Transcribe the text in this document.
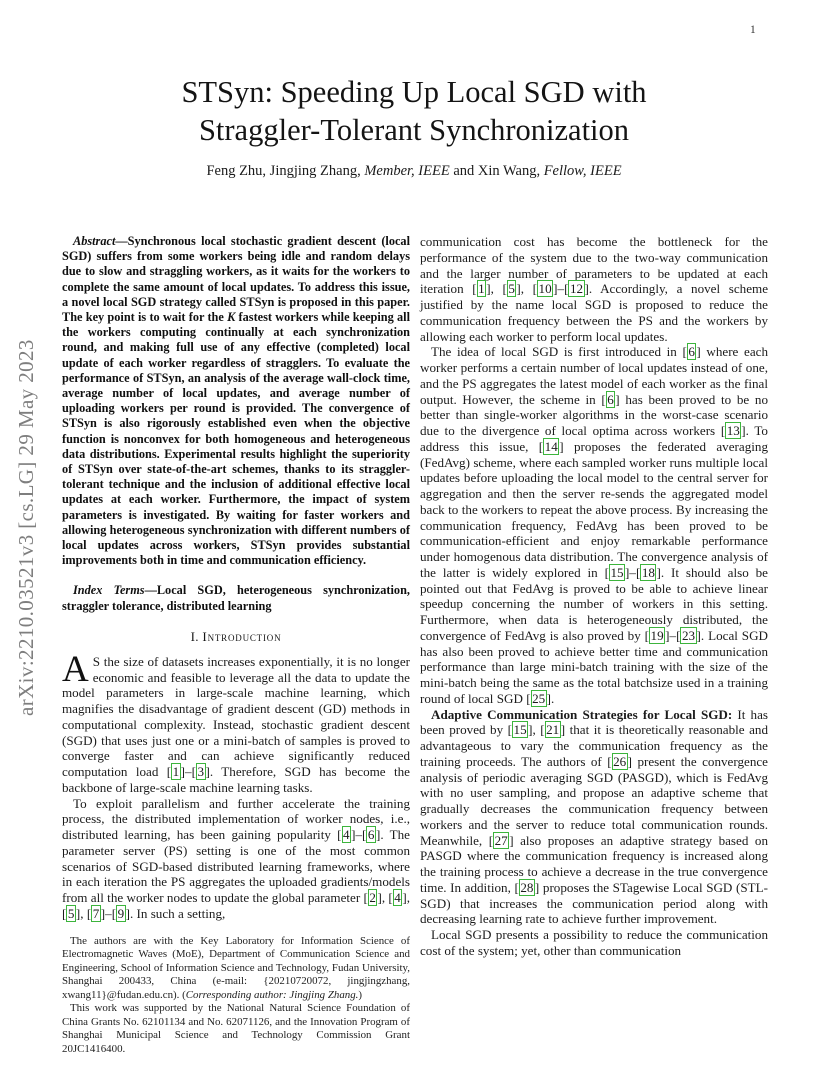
1
arXiv:2210.03521v3 [cs.LG] 29 May 2023
STSyn: Speeding Up Local SGD with
Straggler-Tolerant Synchronization
Feng Zhu, Jingjing Zhang, Member, IEEE and Xin Wang, Fellow, IEEE

Abstract—Synchronous local stochastic gradient descent (local SGD) suffers from some workers being idle and random delays due to slow and straggling workers, as it waits for the workers to complete the same amount of local updates. To address this issue, a novel local SGD strategy called STSyn is proposed in this paper. The key point is to wait for the K fastest workers while keeping all the workers computing continually at each synchronization round, and making full use of any effective (completed) local update of each worker regardless of stragglers. To evaluate the performance of STSyn, an analysis of the average wall-clock time, average number of local updates, and average number of uploading workers per round is provided. The convergence of STSyn is also rigorously established even when the objective function is nonconvex for both homogeneous and heterogeneous data distributions. Experimental results highlight the superiority of STSyn over state-of-the-art schemes, thanks to its straggler-tolerant technique and the inclusion of additional effective local updates at each worker. Furthermore, the impact of system parameters is investigated. By waiting for faster workers and allowing heterogeneous synchronization with different numbers of local updates across workers, STSyn provides substantial improvements both in time and communication efficiency.

Index Terms—Local SGD, heterogeneous synchronization, straggler tolerance, distributed learning

I. Introduction

A S the size of datasets increases exponentially, it is no longer economic and feasible to leverage all the data to update the model parameters in large-scale machine learning, which magnifies the disadvantage of gradient descent (GD) methods in computational complexity. Instead, stochastic gradient descent (SGD) that uses just one or a mini-batch of samples is proved to converge faster and can achieve significantly reduced computation load [ 1 ]–[ 3 ]. Therefore, SGD has become the backbone of large-scale machine learning tasks.

To exploit parallelism and further accelerate the training process, the distributed implementation of worker nodes, i.e., distributed learning, has been gaining popularity [ 4 ]–[ 6 ]. The parameter server (PS) setting is one of the most common scenarios of SGD-based distributed learning frameworks, where in each iteration the PS aggregates the uploaded gradients/models from all the worker nodes to update the global parameter [ 2 ], [ 4 ], [ 5 ], [ 7 ]–[ 9 ]. In such a setting,

The authors are with the Key Laboratory for Information Science of Electromagnetic Waves (MoE), Department of Communication Science and Engineering, School of Information Science and Technology, Fudan University, Shanghai 200433, China (e-mail: {20210720072, jingjingzhang, xwang11}@fudan.edu.cn). (Corresponding author: Jingjing Zhang.)

This work was supported by the National Natural Science Foundation of China Grants No. 62101134 and No. 62071126, and the Innovation Program of Shanghai Municipal Science and Technology Commission Grant 20JC1416400.

communication cost has become the bottleneck for the performance of the system due to the two-way communication and the larger number of parameters to be updated at each iteration [ 1 ], [ 5 ], [ 10 ]–[ 12 ]. Accordingly, a novel scheme justified by the name local SGD is proposed to reduce the communication frequency between the PS and the workers by allowing each worker to perform local updates.

The idea of local SGD is first introduced in [ 6 ] where each worker performs a certain number of local updates instead of one, and the PS aggregates the latest model of each worker as the final output. However, the scheme in [ 6 ] has been proved to be no better than single-worker algorithms in the worst-case scenario due to the divergence of local optima across workers [ 13 ]. To address this issue, [ 14 ] proposes the federated averaging (FedAvg) scheme, where each sampled worker runs multiple local updates before uploading the local model to the central server for aggregation and then the server re-sends the aggregated model back to the workers to repeat the above process. By increasing the communication frequency, FedAvg has been proved to be communication-efficient and enjoy remarkable performance under homogenous data distribution. The convergence analysis of the latter is widely explored in [ 15 ]–[ 18 ]. It should also be pointed out that FedAvg is proved to be able to achieve linear speedup concerning the number of workers in this setting. Furthermore, when data is heterogeneously distributed, the convergence of FedAvg is also proved by [ 19 ]–[ 23 ]. Local SGD has also been proved to achieve better time and communication performance than large mini-batch training with the size of the mini-batch being the same as the total batchsize used in a training round of local SGD [ 25 ].

Adaptive Communication Strategies for Local SGD: It has been proved by [ 15 ], [ 21 ] that it is theoretically reasonable and advantageous to vary the communication frequency as the training proceeds. The authors of [ 26 ] present the convergence analysis of periodic averaging SGD (PASGD), which is FedAvg with no user sampling, and propose an adaptive scheme that gradually decreases the communication frequency between workers and the server to reduce total communication rounds. Meanwhile, [ 27 ] also proposes an adaptive strategy based on PASGD where the communication frequency is increased along the training process to achieve a decrease in the true convergence time. In addition, [ 28 ] proposes the STagewise Local SGD (STL-SGD) that increases the communication period along with decreasing learning rate to achieve further improvement.

Local SGD presents a possibility to reduce the communication cost of the system; yet, other than communication
